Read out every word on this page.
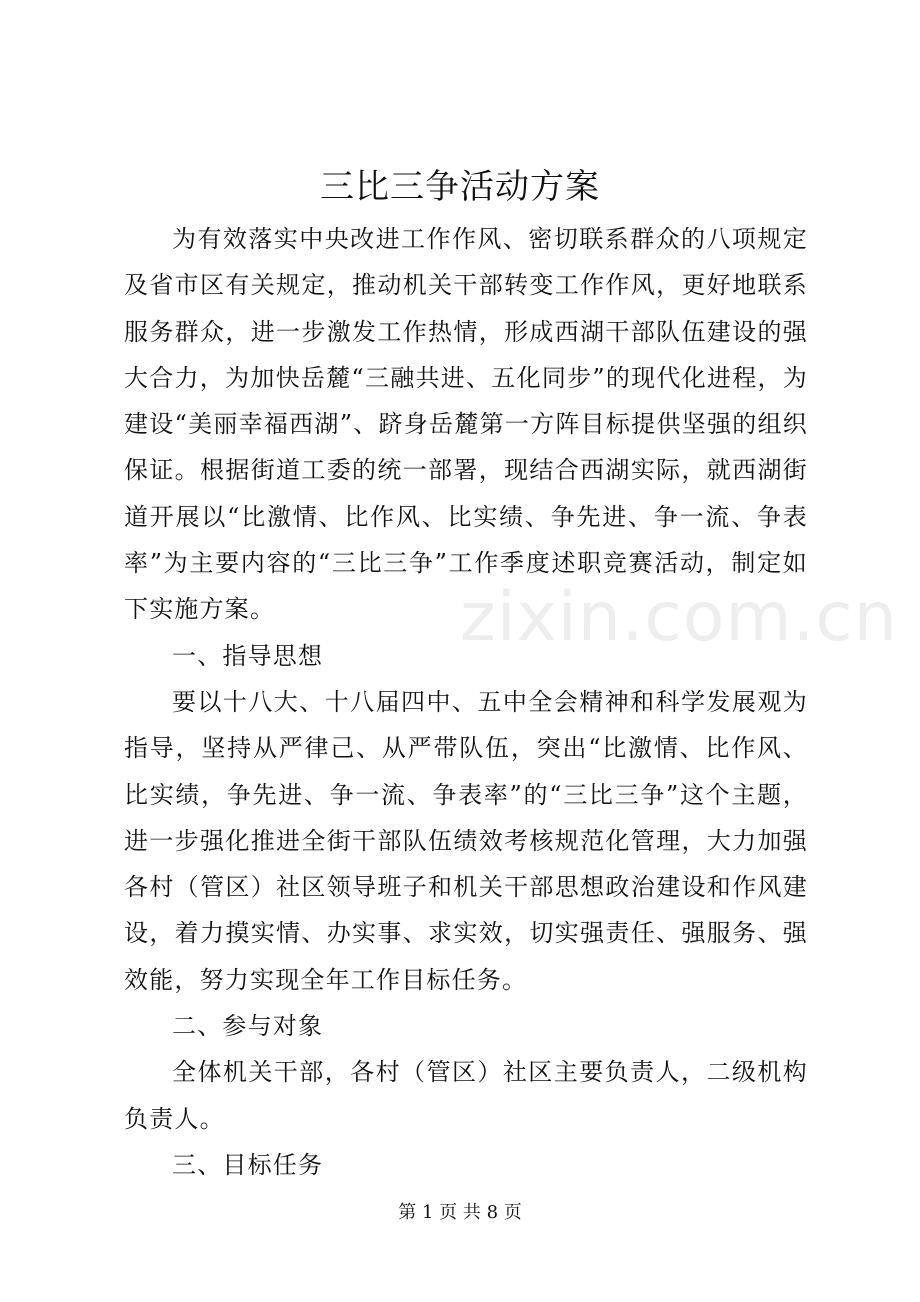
zixin.com.cn
三比三争活动方案

为有效落实中央改进工作作风、密切联系群众的八项规定及省市区有关规定，推动机关干部转变工作作风，更好地联系服务群众，进一步激发工作热情，形成西湖干部队伍建设的强大合力，为加快岳麓“三融共进、五化同步”的现代化进程，为建设“美丽幸福西湖”、跻身岳麓第一方阵目标提供坚强的组织保证。根据街道工委的统一部署，现结合西湖实际，就西湖街道开展以“比激情、比作风、比实绩、争先进、争一流、争表率”为主要内容的“三比三争”工作季度述职竞赛活动，制定如下实施方案。

一、指导思想

要以十八大、十八届四中、五中全会精神和科学发展观为指导，坚持从严律己、从严带队伍，突出“比激情、比作风、比实绩，争先进、争一流、争表率”的“三比三争”这个主题，进一步强化推进全街干部队伍绩效考核规范化管理，大力加强各村（管区）社区领导班子和机关干部思想政治建设和作风建设，着力摸实情、办实事、求实效，切实强责任、强服务、强效能，努力实现全年工作目标任务。

二、参与对象

全体机关干部，各村（管区）社区主要负责人，二级机构负责人。

三、目标任务

第 1 页 共 8 页
